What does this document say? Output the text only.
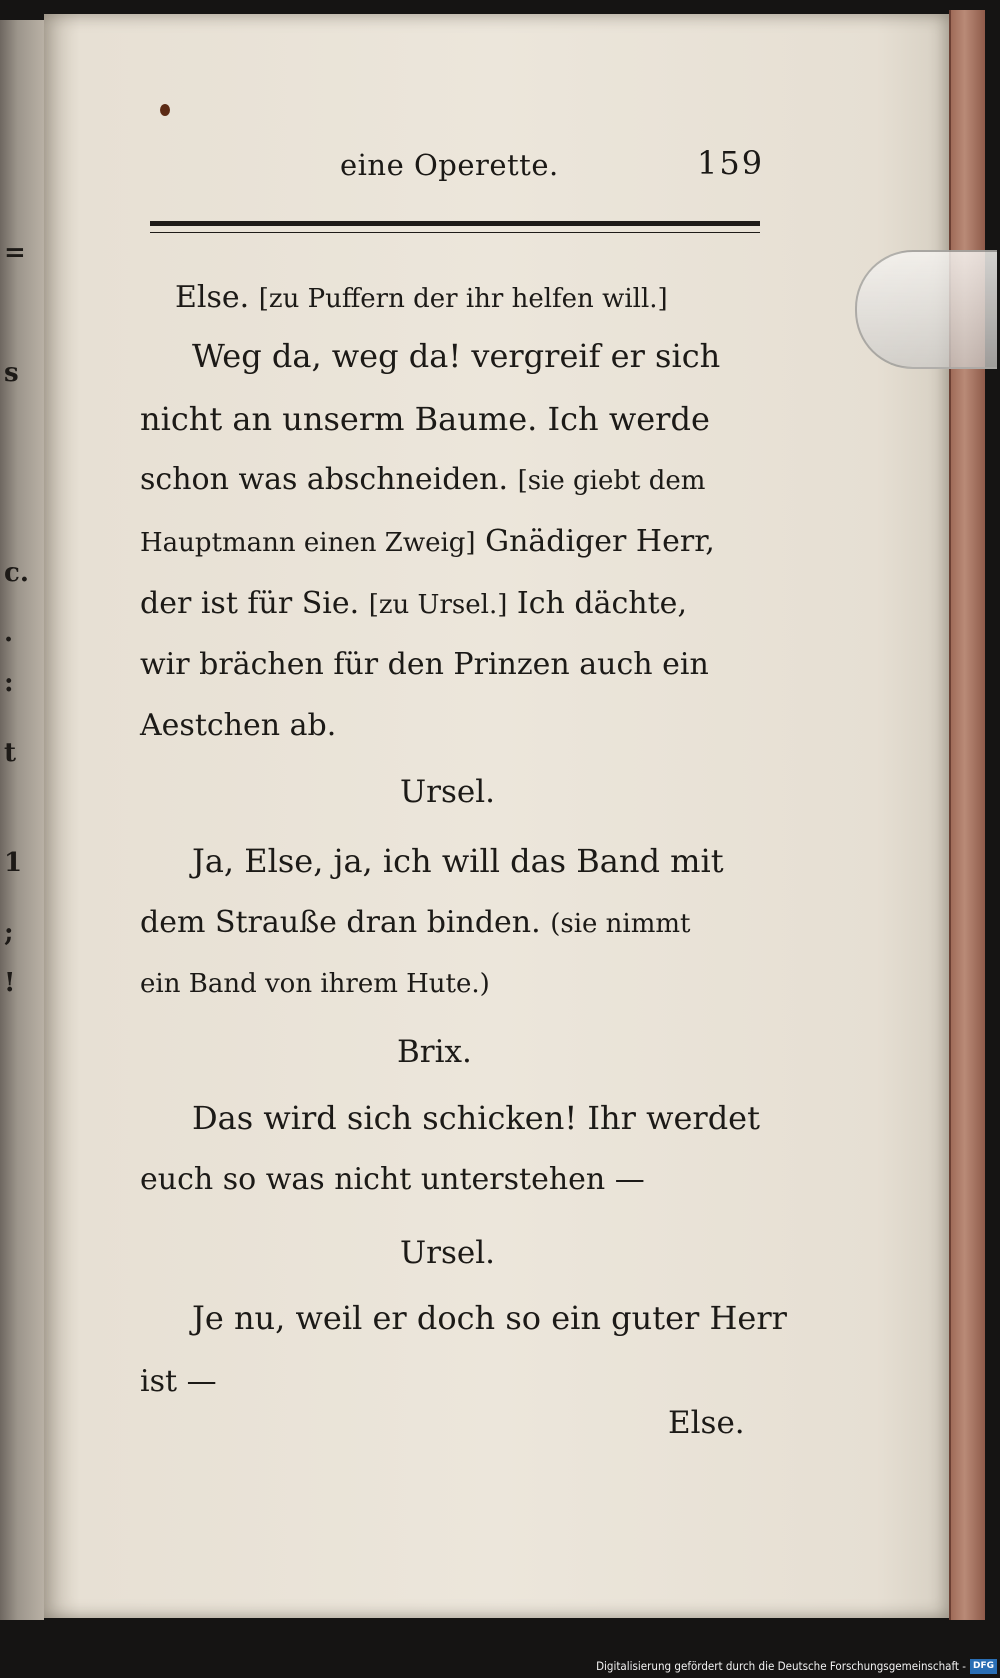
=
s
c.
.
:
t
1
;
!
eine Operette.	159
Else. [zu Puffern der ihr helfen will.]
Weg da, weg da! vergreif er sich
nicht an unserm Baume. Ich werde
schon was abschneiden. [sie giebt dem
Hauptmann einen Zweig] Gnädiger Herr,
der ist für Sie. [zu Ursel.] Ich dächte,
wir brächen für den Prinzen auch ein
Aestchen ab.
Ursel.
Ja, Else, ja, ich will das Band mit
dem Strauße dran binden. (sie nimmt
ein Band von ihrem Hute.)
Brix.
Das wird sich schicken! Ihr werdet
euch so was nicht unterstehen —
Ursel.
Je nu, weil er doch so ein guter Herr
ist —
Else.
Digitalisierung gefördert durch die Deutsche Forschungsgemeinschaft - DFG
